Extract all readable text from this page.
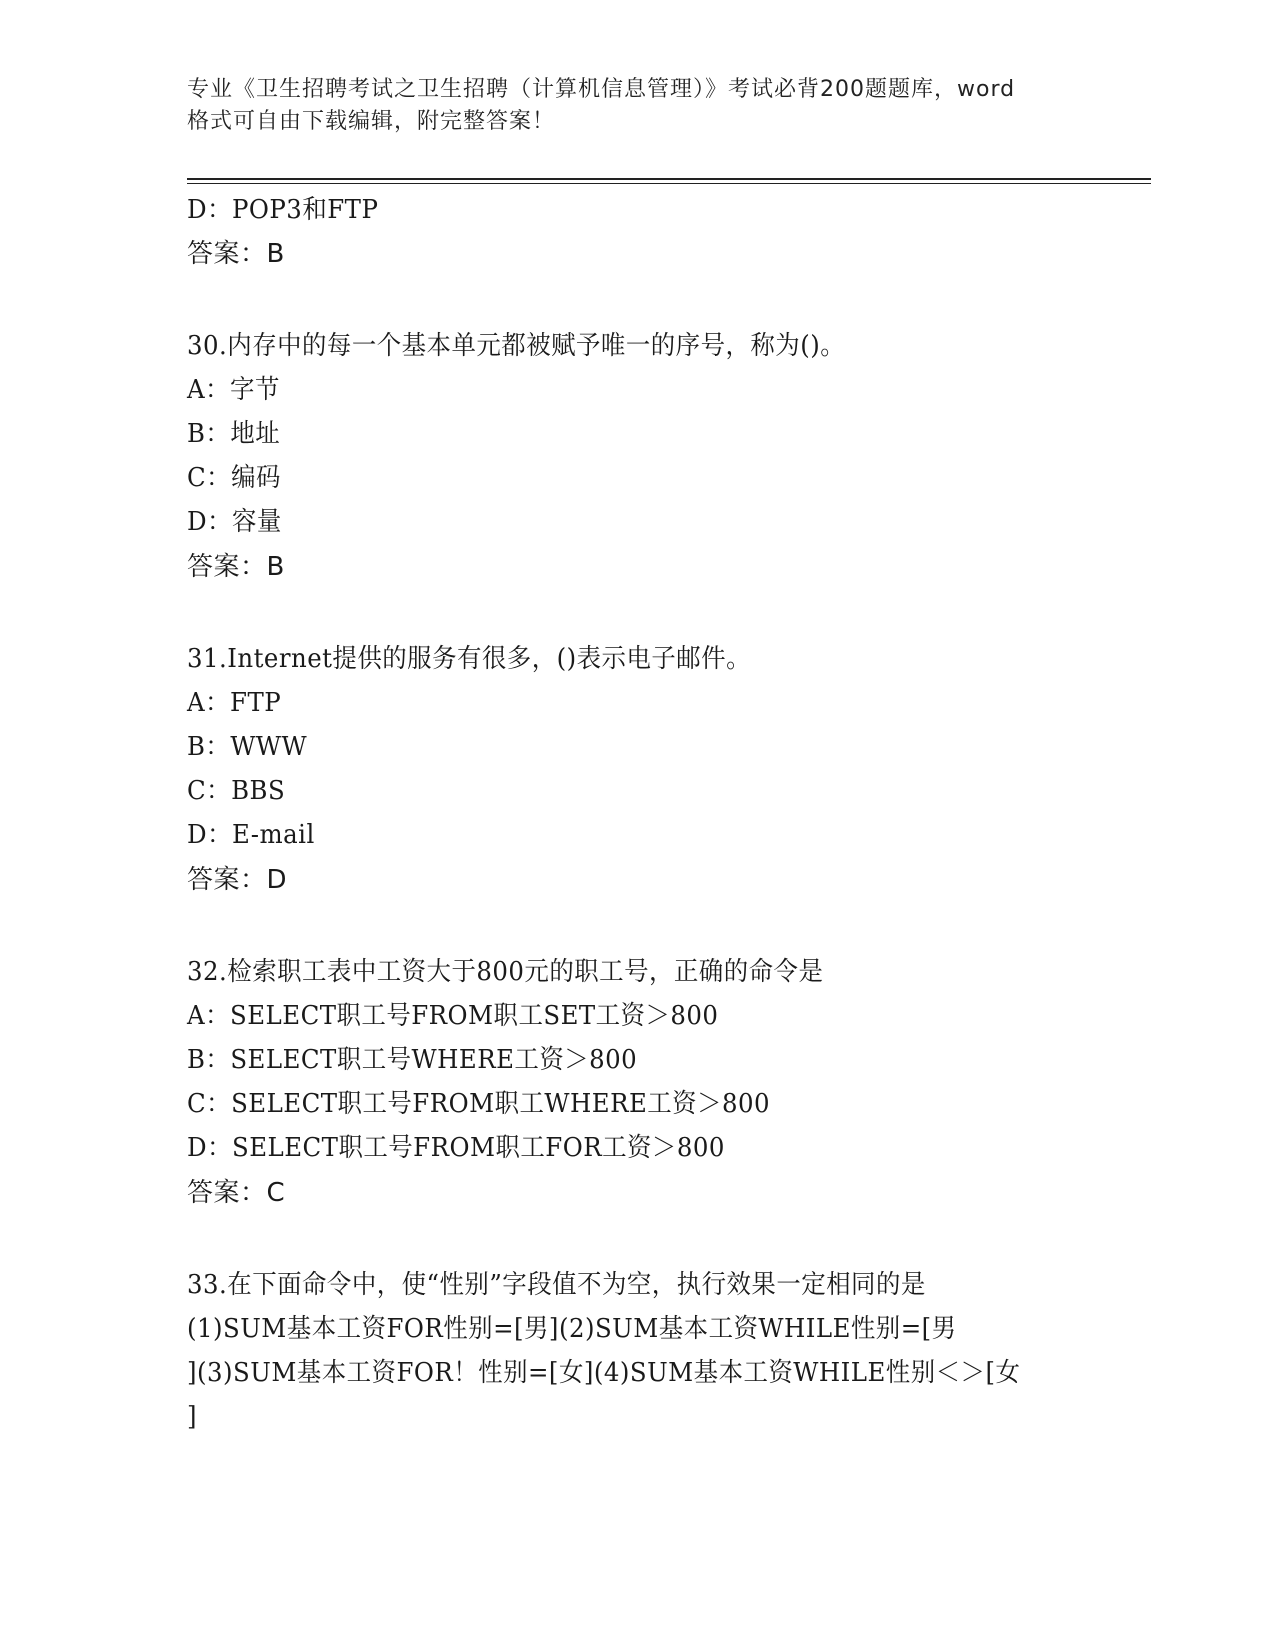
专业《卫生招聘考试之卫生招聘（计算机信息管理）》考试必背200题题库，word
格式可自由下载编辑，附完整答案！
D：POP3和FTP
答案：B
30.内存中的每一个基本单元都被赋予唯一的序号，称为()。
A：字节
B：地址
C：编码
D：容量
答案：B
31.Internet提供的服务有很多，()表示电子邮件。
A：FTP
B：WWW
C：BBS
D：E-mail
答案：D
32.检索职工表中工资大于800元的职工号，正确的命令是
A：SELECT职工号FROM职工SET工资＞800
B：SELECT职工号WHERE工资＞800
C：SELECT职工号FROM职工WHERE工资＞800
D：SELECT职工号FROM职工FOR工资＞800
答案：C
33.在下面命令中，使“性别”字段值不为空，执行效果一定相同的是
(1)SUM基本工资FOR性别=[男](2)SUM基本工资WHILE性别=[男
](3)SUM基本工资FOR！性别=[女](4)SUM基本工资WHILE性别＜＞[女
]
